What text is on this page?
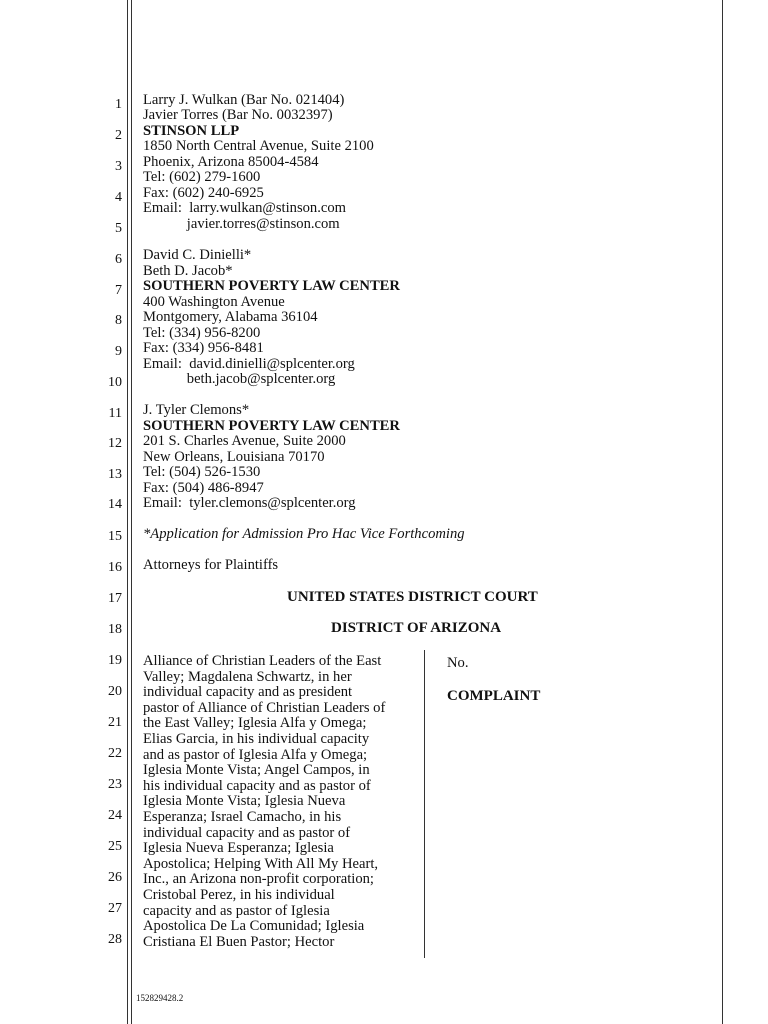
1
2
3
4
5
6
7
8
9
10
11
12
13
14
15
16
17
18
19
20
21
22
23
24
25
26
27
28
Larry J. Wulkan (Bar No. 021404)
Javier Torres (Bar No. 0032397)
STINSON LLP
1850 North Central Avenue, Suite 2100
Phoenix, Arizona 85004-4584
Tel: (602) 279-1600
Fax: (602) 240-6925
Email:  larry.wulkan@stinson.com
javier.torres@stinson.com
David C. Dinielli*
Beth D. Jacob*
SOUTHERN POVERTY LAW CENTER
400 Washington Avenue
Montgomery, Alabama 36104
Tel: (334) 956-8200
Fax: (334) 956-8481
Email:  david.dinielli@splcenter.org
beth.jacob@splcenter.org
J. Tyler Clemons*
SOUTHERN POVERTY LAW CENTER
201 S. Charles Avenue, Suite 2000
New Orleans, Louisiana 70170
Tel: (504) 526-1530
Fax: (504) 486-8947
Email:  tyler.clemons@splcenter.org
*Application for Admission Pro Hac Vice Forthcoming
Attorneys for Plaintiffs
UNITED STATES DISTRICT COURT
DISTRICT OF ARIZONA
Alliance of Christian Leaders of the East
Valley; Magdalena Schwartz, in her
individual capacity and as president
pastor of Alliance of Christian Leaders of
the East Valley; Iglesia Alfa y Omega;
Elias Garcia, in his individual capacity
and as pastor of Iglesia Alfa y Omega;
Iglesia Monte Vista; Angel Campos, in
his individual capacity and as pastor of
Iglesia Monte Vista; Iglesia Nueva
Esperanza; Israel Camacho, in his
individual capacity and as pastor of
Iglesia Nueva Esperanza; Iglesia
Apostolica; Helping With All My Heart,
Inc., an Arizona non-profit corporation;
Cristobal Perez, in his individual
capacity and as pastor of Iglesia
Apostolica De La Comunidad; Iglesia
Cristiana El Buen Pastor; Hector
No.
COMPLAINT
152829428.2
